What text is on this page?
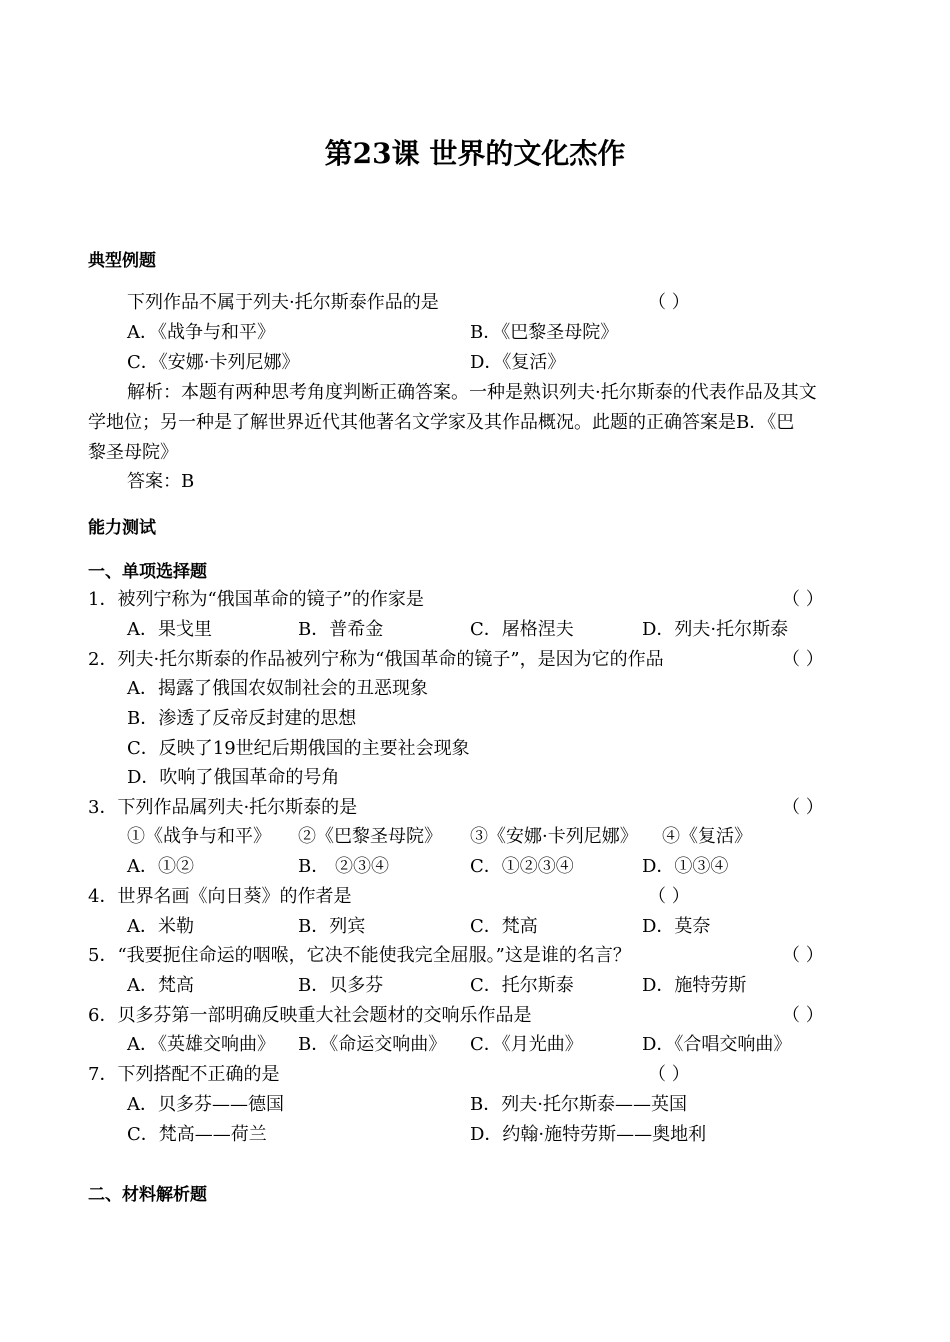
第23课 世界的文化杰作
典型例题
下列作品不属于列夫·托尔斯泰作品的是	（ ）
A．《战争与和平》	B．《巴黎圣母院》
C．《安娜·卡列尼娜》	D．《复活》
解析：本题有两种思考角度判断正确答案。一种是熟识列夫·托尔斯泰的代表作品及其文
学地位；另一种是了解世界近代其他著名文学家及其作品概况。此题的正确答案是B．《巴
黎圣母院》
答案：B
能力测试
一、单项选择题
1．被列宁称为“俄国革命的镜子”的作家是	（ ）
A．果戈里	B．普希金	C．屠格涅夫	D．列夫·托尔斯泰
2．列夫·托尔斯泰的作品被列宁称为“俄国革命的镜子”，是因为它的作品	（ ）
A．揭露了俄国农奴制社会的丑恶现象
B．渗透了反帝反封建的思想
C．反映了19世纪后期俄国的主要社会现象
D．吹响了俄国革命的号角
3．下列作品属列夫·托尔斯泰的是	（ ）
①《战争与和平》 ②《巴黎圣母院》 ③《安娜·卡列尼娜》 ④《复活》
A．①②	B． ②③④	C．①②③④	D．①③④
4．世界名画《向日葵》的作者是	（ ）
A．米勒	B．列宾	C．梵高	D．莫奈
5．“我要扼住命运的咽喉，它决不能使我完全屈服。”这是谁的名言？	（ ）
A．梵高	B．贝多芬	C．托尔斯泰	D．施特劳斯
6．贝多芬第一部明确反映重大社会题材的交响乐作品是	（ ）
A．《英雄交响曲》 B．《命运交响曲》 C．《月光曲》	D．《合唱交响曲》
7．下列搭配不正确的是	（ ）
A．贝多芬——德国	B．列夫·托尔斯泰——英国
C．梵高——荷兰	D．约翰·施特劳斯——奥地利
二、材料解析题
